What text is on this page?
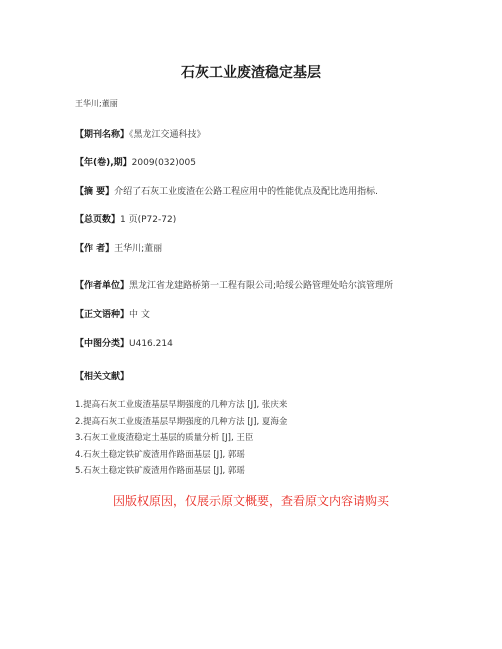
石灰工业废渣稳定基层
王华川;董丽
【期刊名称】《黑龙江交通科技》
【年(卷),期】2009(032)005
【摘 要】介绍了石灰工业废渣在公路工程应用中的性能优点及配比选用指标.
【总页数】1 页(P72-72)
【作 者】王华川;董丽
【作者单位】黑龙江省龙建路桥第一工程有限公司;哈绥公路管理处哈尔滨管理所
【正文语种】中 文
【中图分类】U416.214
【相关文献】
1.提高石灰工业废渣基层早期强度的几种方法 [J], 张庆来
2.提高石灰工业废渣基层早期强度的几种方法 [J], 夏海金
3.石灰工业废渣稳定土基层的质量分析 [J], 王臣
4.石灰土稳定铁矿废渣用作路面基层 [J], 郭瑶
5.石灰土稳定铁矿废渣用作路面基层 [J], 郭瑶
因版权原因，仅展示原文概要，查看原文内容请购买
